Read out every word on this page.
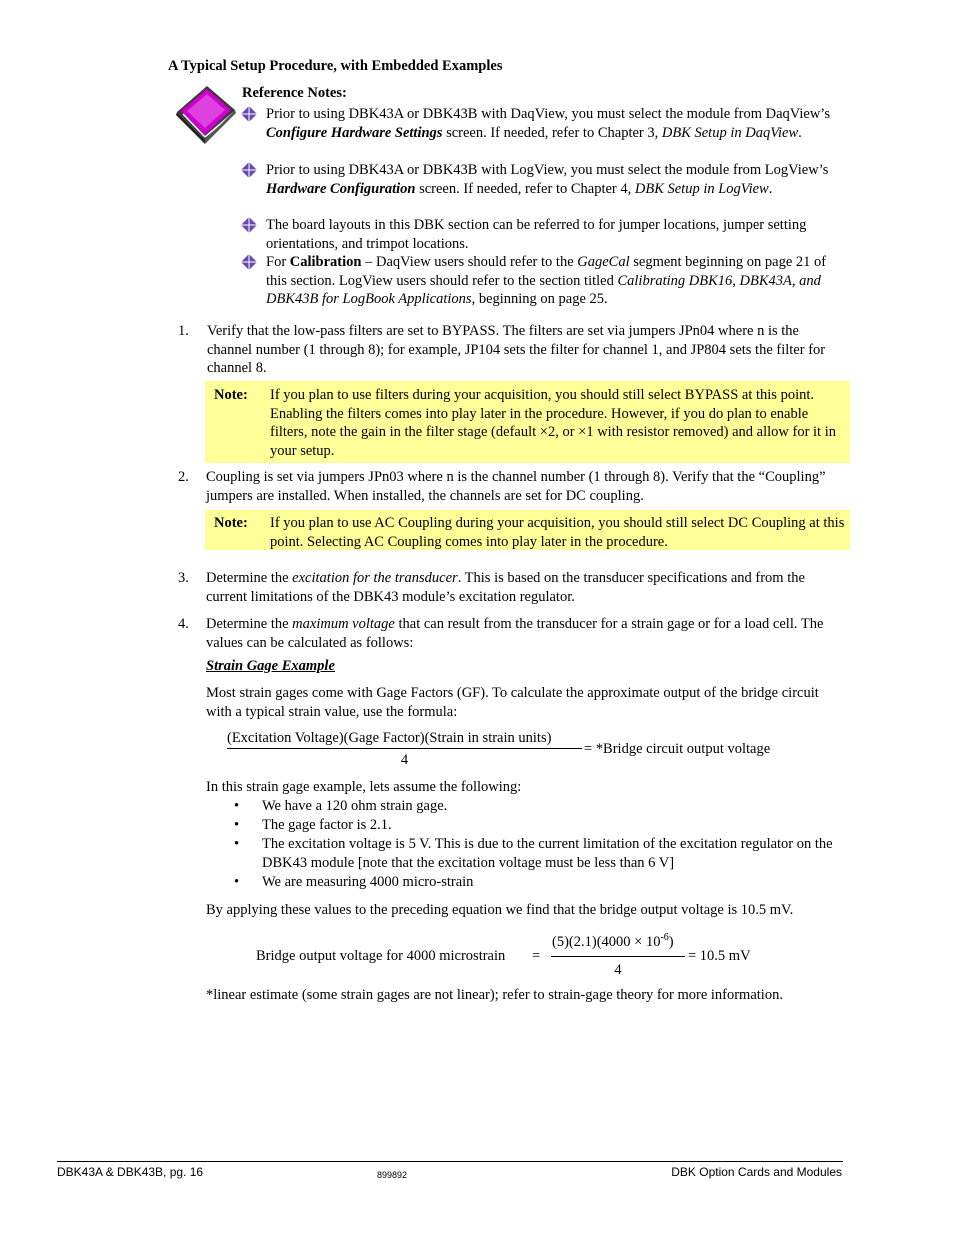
A Typical Setup Procedure, with Embedded Examples
Reference Notes:
Prior to using DBK43A or DBK43B with DaqView, you must select the module from DaqView’s Configure Hardware Settings screen. If needed, refer to Chapter 3, DBK Setup in DaqView.
Prior to using DBK43A or DBK43B with LogView, you must select the module from LogView’s Hardware Configuration screen. If needed, refer to Chapter 4, DBK Setup in LogView.
The board layouts in this DBK section can be referred to for jumper locations, jumper setting orientations, and trimpot locations.
For Calibration – DaqView users should refer to the GageCal segment beginning on page 21 of this section. LogView users should refer to the section titled Calibrating DBK16, DBK43A, and DBK43B for LogBook Applications, beginning on page 25.
1. Verify that the low-pass filters are set to BYPASS. The filters are set via jumpers JPn04 where n is the channel number (1 through 8); for example, JP104 sets the filter for channel 1, and JP804 sets the filter for channel 8.
Note: If you plan to use filters during your acquisition, you should still select BYPASS at this point. Enabling the filters comes into play later in the procedure. However, if you do plan to enable filters, note the gain in the filter stage (default ×2, or ×1 with resistor removed) and allow for it in your setup.
2. Coupling is set via jumpers JPn03 where n is the channel number (1 through 8). Verify that the “Coupling” jumpers are installed. When installed, the channels are set for DC coupling.
Note: If you plan to use AC Coupling during your acquisition, you should still select DC Coupling at this point. Selecting AC Coupling comes into play later in the procedure.
3. Determine the excitation for the transducer. This is based on the transducer specifications and from the current limitations of the DBK43 module’s excitation regulator.
4. Determine the maximum voltage that can result from the transducer for a strain gage or for a load cell. The values can be calculated as follows:
Strain Gage Example
Most strain gages come with Gage Factors (GF). To calculate the approximate output of the bridge circuit with a typical strain value, use the formula:
(Excitation Voltage)(Gage Factor)(Strain in strain units)
4
= *Bridge circuit output voltage
In this strain gage example, lets assume the following:
• We have a 120 ohm strain gage.
• The gage factor is 2.1.
• The excitation voltage is 5 V. This is due to the current limitation of the excitation regulator on the DBK43 module [note that the excitation voltage must be less than 6 V]
• We are measuring 4000 micro-strain
By applying these values to the preceding equation we find that the bridge output voltage is 10.5 mV.
Bridge output voltage for 4000 microstrain =
$(5)(2.1)(4000 \times 10^{-6})$
4
= 10.5 mV
*linear estimate (some strain gages are not linear); refer to strain-gage theory for more information.
DBK43A & DBK43B, pg. 16	899892	DBK Option Cards and Modules
